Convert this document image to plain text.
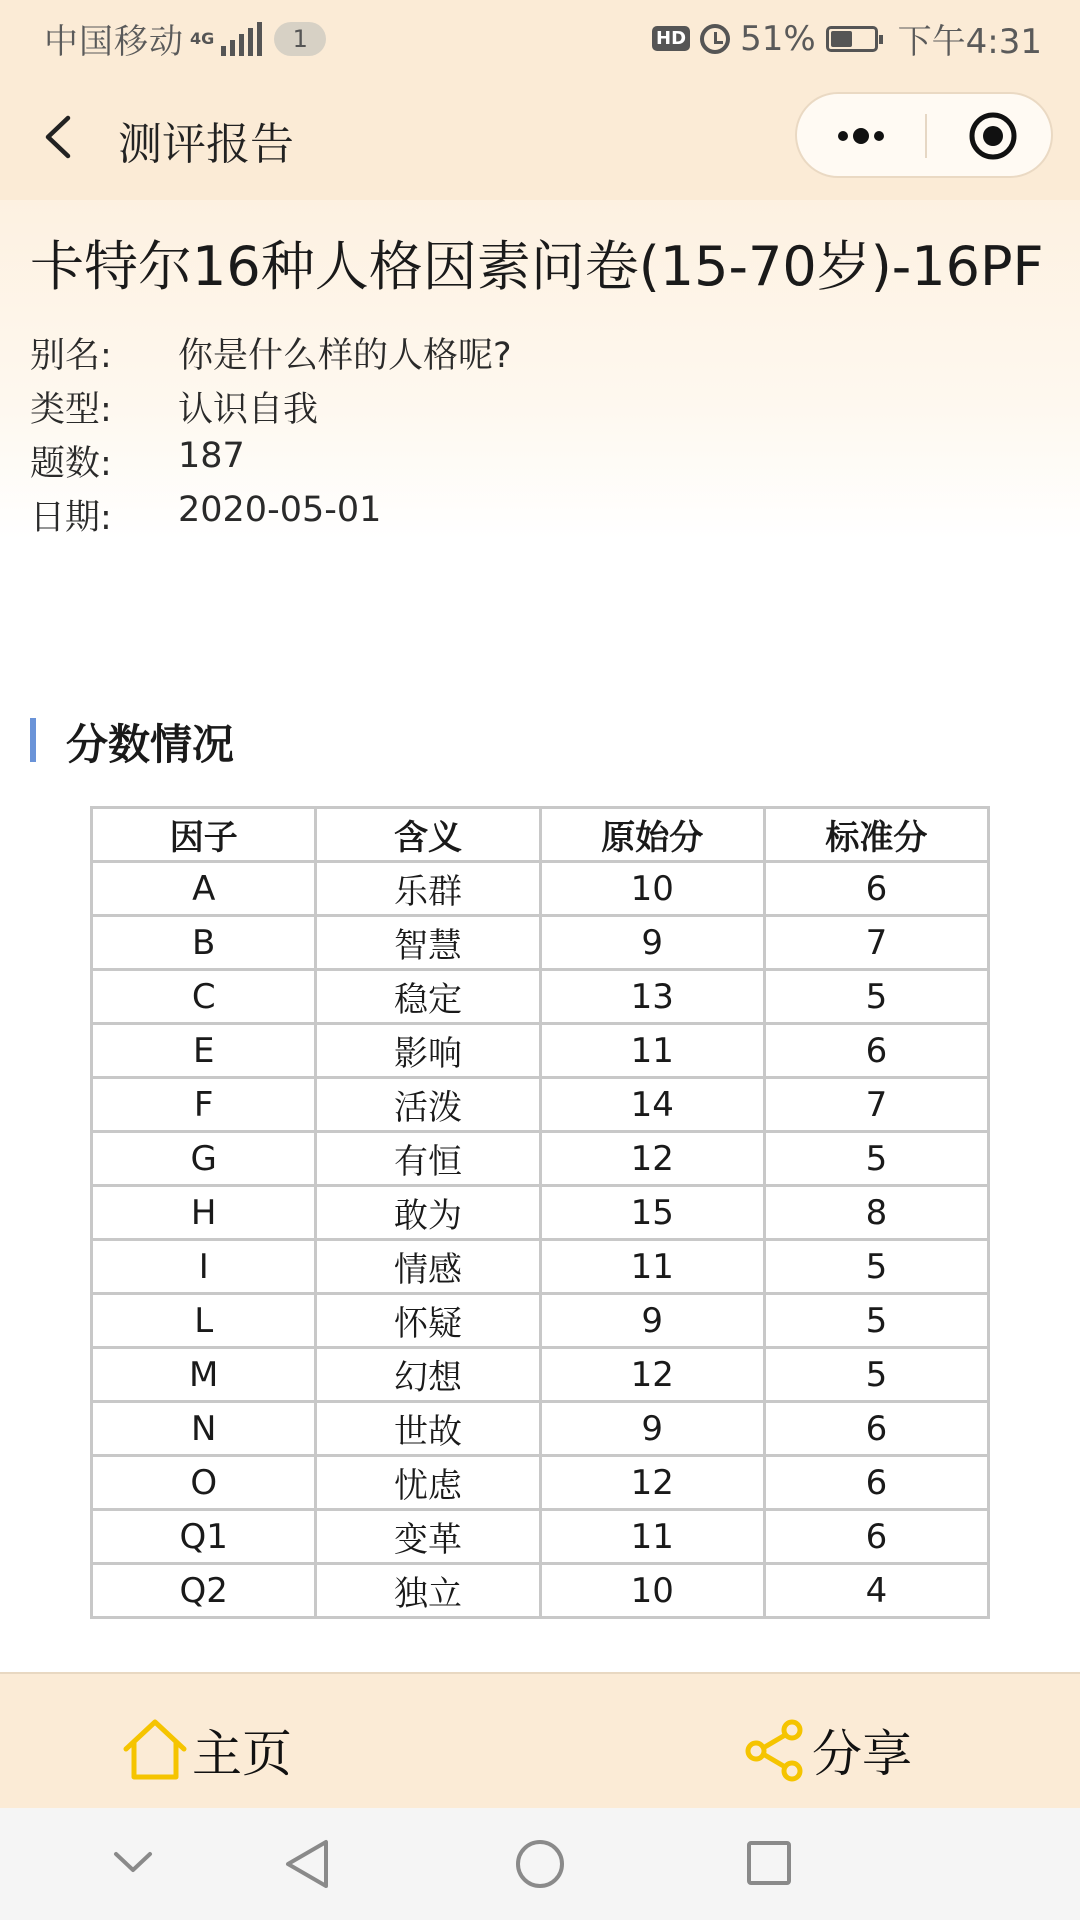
中国移动 4G	1	HD 51% 下午4:31
测评报告
卡特尔16种人格因素问卷(15-70岁)-16PF
别名:	你是什么样的人格呢?
类型:	认识自我
题数:	187
日期:	2020-05-01
分数情况
因子	含义	原始分	标准分
A	乐群	10	6
B	智慧	9	7
C	稳定	13	5
E	影响	11	6
F	活泼	14	7
G	有恒	12	5
H	敢为	15	8
I	情感	11	5
L	怀疑	9	5
M	幻想	12	5
N	世故	9	6
O	忧虑	12	6
Q1	变革	11	6
Q2	独立	10	4
主页	分享
